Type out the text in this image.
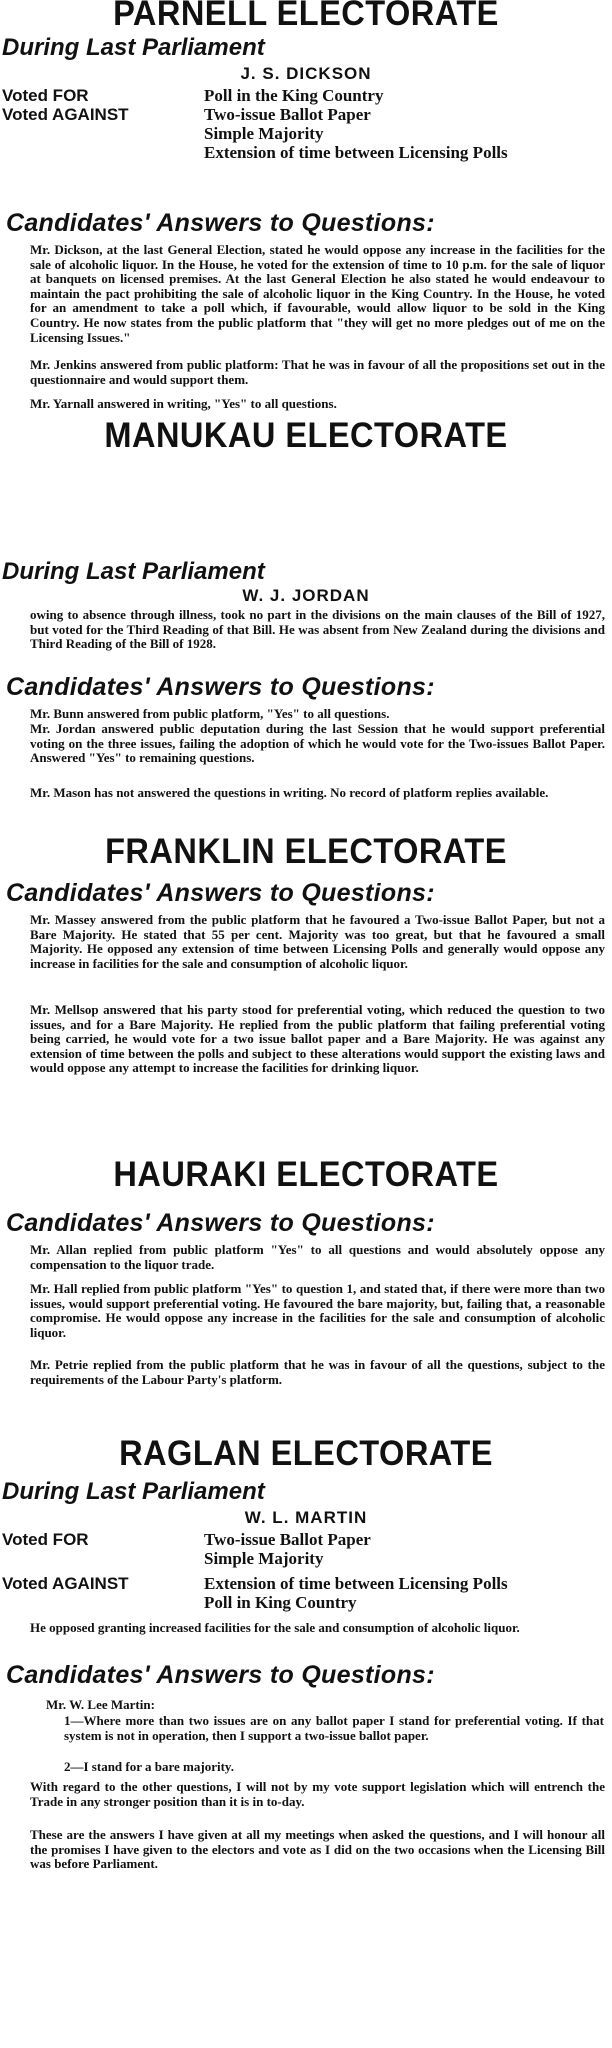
PARNELL ELECTORATE
During Last Parliament
J. S. DICKSON
Voted FOR	Poll in the King Country
Voted AGAINST	Two-issue Ballot Paper
Simple Majority
Extension of time between Licensing Polls
Candidates' Answers to Questions:
Mr. Dickson, at the last General Election, stated he would oppose any increase in the facilities for the sale of alcoholic liquor. In the House, he voted for the extension of time to 10 p.m. for the sale of liquor at banquets on licensed premises. At the last General Election he also stated he would endeavour to maintain the pact prohibiting the sale of alcoholic liquor in the King Country. In the House, he voted for an amendment to take a poll which, if favourable, would allow liquor to be sold in the King Country. He now states from the public platform that "they will get no more pledges out of me on the Licensing Issues."
Mr. Jenkins answered from public platform: That he was in favour of all the propositions set out in the questionnaire and would support them.
Mr. Yarnall answered in writing, "Yes" to all questions.
MANUKAU ELECTORATE
During Last Parliament
W. J. JORDAN
owing to absence through illness, took no part in the divisions on the main clauses of the Bill of 1927, but voted for the Third Reading of that Bill. He was absent from New Zealand during the divisions and Third Reading of the Bill of 1928.
Candidates' Answers to Questions:
Mr. Bunn answered from public platform, "Yes" to all questions.
Mr. Jordan answered public deputation during the last Session that he would support preferential voting on the three issues, failing the adoption of which he would vote for the Two-issues Ballot Paper. Answered "Yes" to remaining questions.
Mr. Mason has not answered the questions in writing. No record of platform replies available.
FRANKLIN ELECTORATE
Candidates' Answers to Questions:
Mr. Massey answered from the public platform that he favoured a Two-issue Ballot Paper, but not a Bare Majority. He stated that 55 per cent. Majority was too great, but that he favoured a small Majority. He opposed any extension of time between Licensing Polls and generally would oppose any increase in facilities for the sale and consumption of alcoholic liquor.
Mr. Mellsop answered that his party stood for preferential voting, which reduced the question to two issues, and for a Bare Majority. He replied from the public platform that failing preferential voting being carried, he would vote for a two issue ballot paper and a Bare Majority. He was against any extension of time between the polls and subject to these alterations would support the existing laws and would oppose any attempt to increase the facilities for drinking liquor.
HAURAKI ELECTORATE
Candidates' Answers to Questions:
Mr. Allan replied from public platform "Yes" to all questions and would absolutely oppose any compensation to the liquor trade.
Mr. Hall replied from public platform "Yes" to question 1, and stated that, if there were more than two issues, would support preferential voting. He favoured the bare majority, but, failing that, a reasonable compromise. He would oppose any increase in the facilities for the sale and consumption of alcoholic liquor.
Mr. Petrie replied from the public platform that he was in favour of all the questions, subject to the requirements of the Labour Party's platform.
RAGLAN ELECTORATE
During Last Parliament
W. L. MARTIN
Voted FOR	Two-issue Ballot Paper
Simple Majority
Voted AGAINST	Extension of time between Licensing Polls
Poll in King Country
He opposed granting increased facilities for the sale and consumption of alcoholic liquor.
Candidates' Answers to Questions:
Mr. W. Lee Martin:
1—Where more than two issues are on any ballot paper I stand for preferential voting. If that system is not in operation, then I support a two-issue ballot paper.
2—I stand for a bare majority.
With regard to the other questions, I will not by my vote support legislation which will entrench the Trade in any stronger position than it is in to-day.
These are the answers I have given at all my meetings when asked the questions, and I will honour all the promises I have given to the electors and vote as I did on the two occasions when the Licensing Bill was before Parliament.
